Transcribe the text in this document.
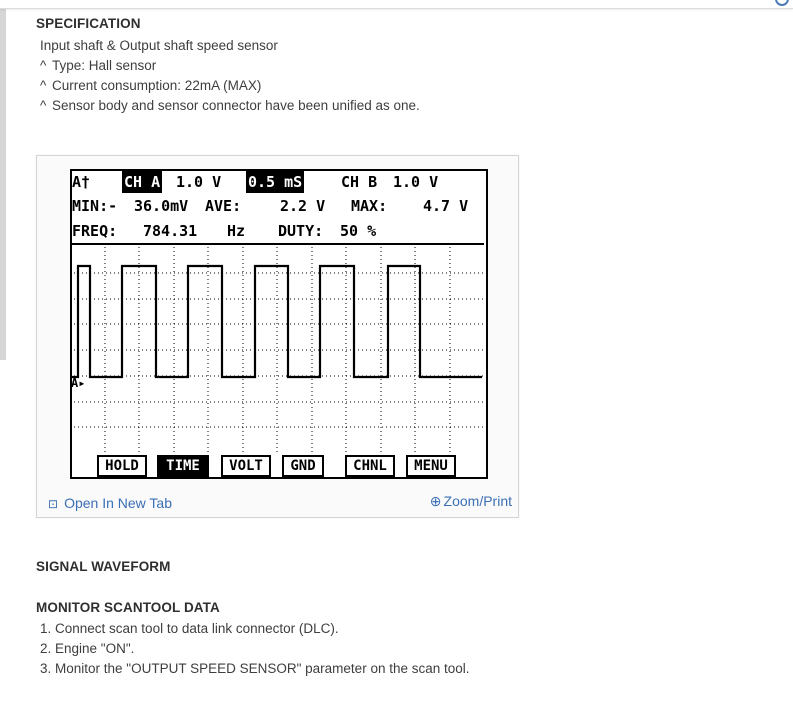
SPECIFICATION
Input shaft & Output shaft speed sensor
^ Type: Hall sensor
^ Current consumption: 22mA (MAX)
^ Sensor body and sensor connector have been unified as one.
A† CH A 1.0 V 0.5 mS	CH B 1.0 V
MIN:- 36.0mV AVE:	2.2 V MAX: 4.7 V
FREQ: 784.31 Hz DUTY: 50 %
A▸
HOLD	TIME	VOLT	GND	CHNL	MENU
⊡ Open In New Tab	⊕ Zoom/Print
SIGNAL WAVEFORM
MONITOR SCANTOOL DATA
1. Connect scan tool to data link connector (DLC).
2. Engine "ON".
3. Monitor the "OUTPUT SPEED SENSOR" parameter on the scan tool.
